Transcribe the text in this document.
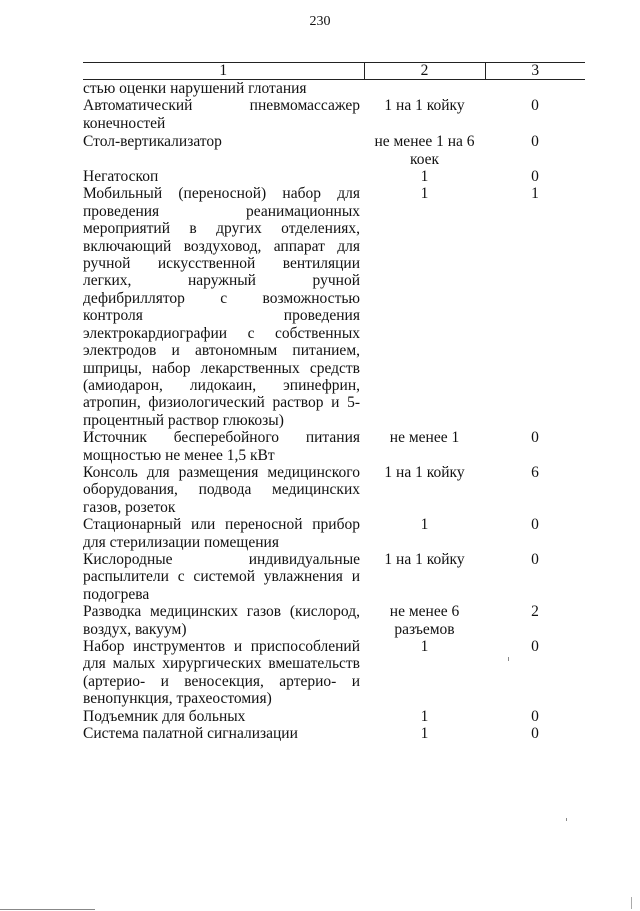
230
1	2	3
стью оценки нарушений глотания		
Автоматический пневмомассажер конечностей	1 на 1 койку	0
Стол-вертикализатор	не менее 1 на 6 коек	0
Негатоскоп	1	0
Мобильный (переносной) набор для проведения реанимационных мероприятий в других отделениях, включающий воздуховод, аппарат для ручной искусственной вентиляции легких, наружный ручной дефибриллятор с возможностью контроля проведения электрокардиографии с собственных электродов и автономным питанием, шприцы, набор лекарственных средств (амиодарон, лидокаин, эпинефрин, атропин, физиологический раствор и 5-процентный раствор глюкозы)	1	1
Источник бесперебойного питания мощностью не менее 1,5 кВт	не менее 1	0
Консоль для размещения медицинского оборудования, подвода медицинских газов, розеток	1 на 1 койку	6
Стационарный или переносной прибор для стерилизации помещения	1	0
Кислородные индивидуальные распылители с системой увлажнения и подогрева	1 на 1 койку	0
Разводка медицинских газов (кислород, воздух, вакуум)	не менее 6 разъемов	2
Набор инструментов и приспособлений для малых хирургических вмешательств (артерио- и веносекция, артерио- и венопункция, трахеостомия)	1	0
Подъемник для больных	1	0
Система палатной сигнализации	1	0
